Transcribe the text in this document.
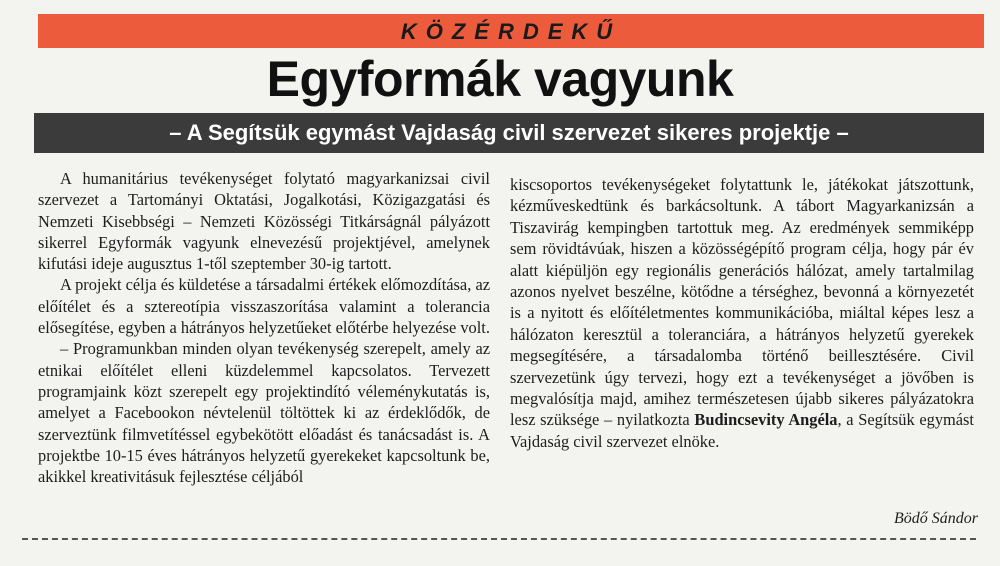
KÖZÉRDEKŰ
Egyformák vagyunk
– A Segítsük egymást Vajdaság civil szervezet sikeres projektje –

A humanitárius tevékenységet folytató magyarkanizsai civil szervezet a Tartományi Oktatási, Jogalkotási, Közigazgatási és Nemzeti Kisebbségi – Nemzeti Közösségi Titkárságnál pályázott sikerrel Egyformák vagyunk elnevezésű projektjével, amelynek kifutási ideje augusztus 1-től szeptember 30-ig tartott.

A projekt célja és küldetése a társadalmi értékek előmozdítása, az előítélet és a sztereotípia visszaszorítása valamint a tolerancia elősegítése, egyben a hátrányos helyzetűeket előtérbe helyezése volt.

– Programunkban minden olyan tevékenység szerepelt, amely az etnikai előítélet elleni küzdelemmel kapcsolatos. Tervezett programjaink közt szerepelt egy projektindító véleménykutatás is, amelyet a Facebookon névtelenül töltöttek ki az érdeklődők, de szerveztünk filmvetítéssel egybekötött előadást és tanácsadást is. A projektbe 10-15 éves hátrányos helyzetű gyerekeket kapcsoltunk be, akikkel kreativitásuk fejlesztése céljából

kiscsoportos tevékenységeket folytattunk le, játékokat játszottunk, kézműveskedtünk és barkácsoltunk. A tábort Magyarkanizsán a Tiszavirág kempingben tartottuk meg. Az eredmények semmiképp sem rövidtávúak, hiszen a közösségépítő program célja, hogy pár év alatt kiépüljön egy regionális generációs hálózat, amely tartalmilag azonos nyelvet beszélne, kötődne a térséghez, bevonná a környezetét is a nyitott és előítéletmentes kommunikációba, miáltal képes lesz a hálózaton keresztül a toleranciára, a hátrányos helyzetű gyerekek megsegítésére, a társadalomba történő beillesztésére. Civil szervezetünk úgy tervezi, hogy ezt a tevékenységet a jövőben is megvalósítja majd, amihez természetesen újabb sikeres pályázatokra lesz szüksége – nyilatkozta Budincsevity Angéla, a Segítsük egymást Vajdaság civil szervezet elnöke.

Bödő Sándor
